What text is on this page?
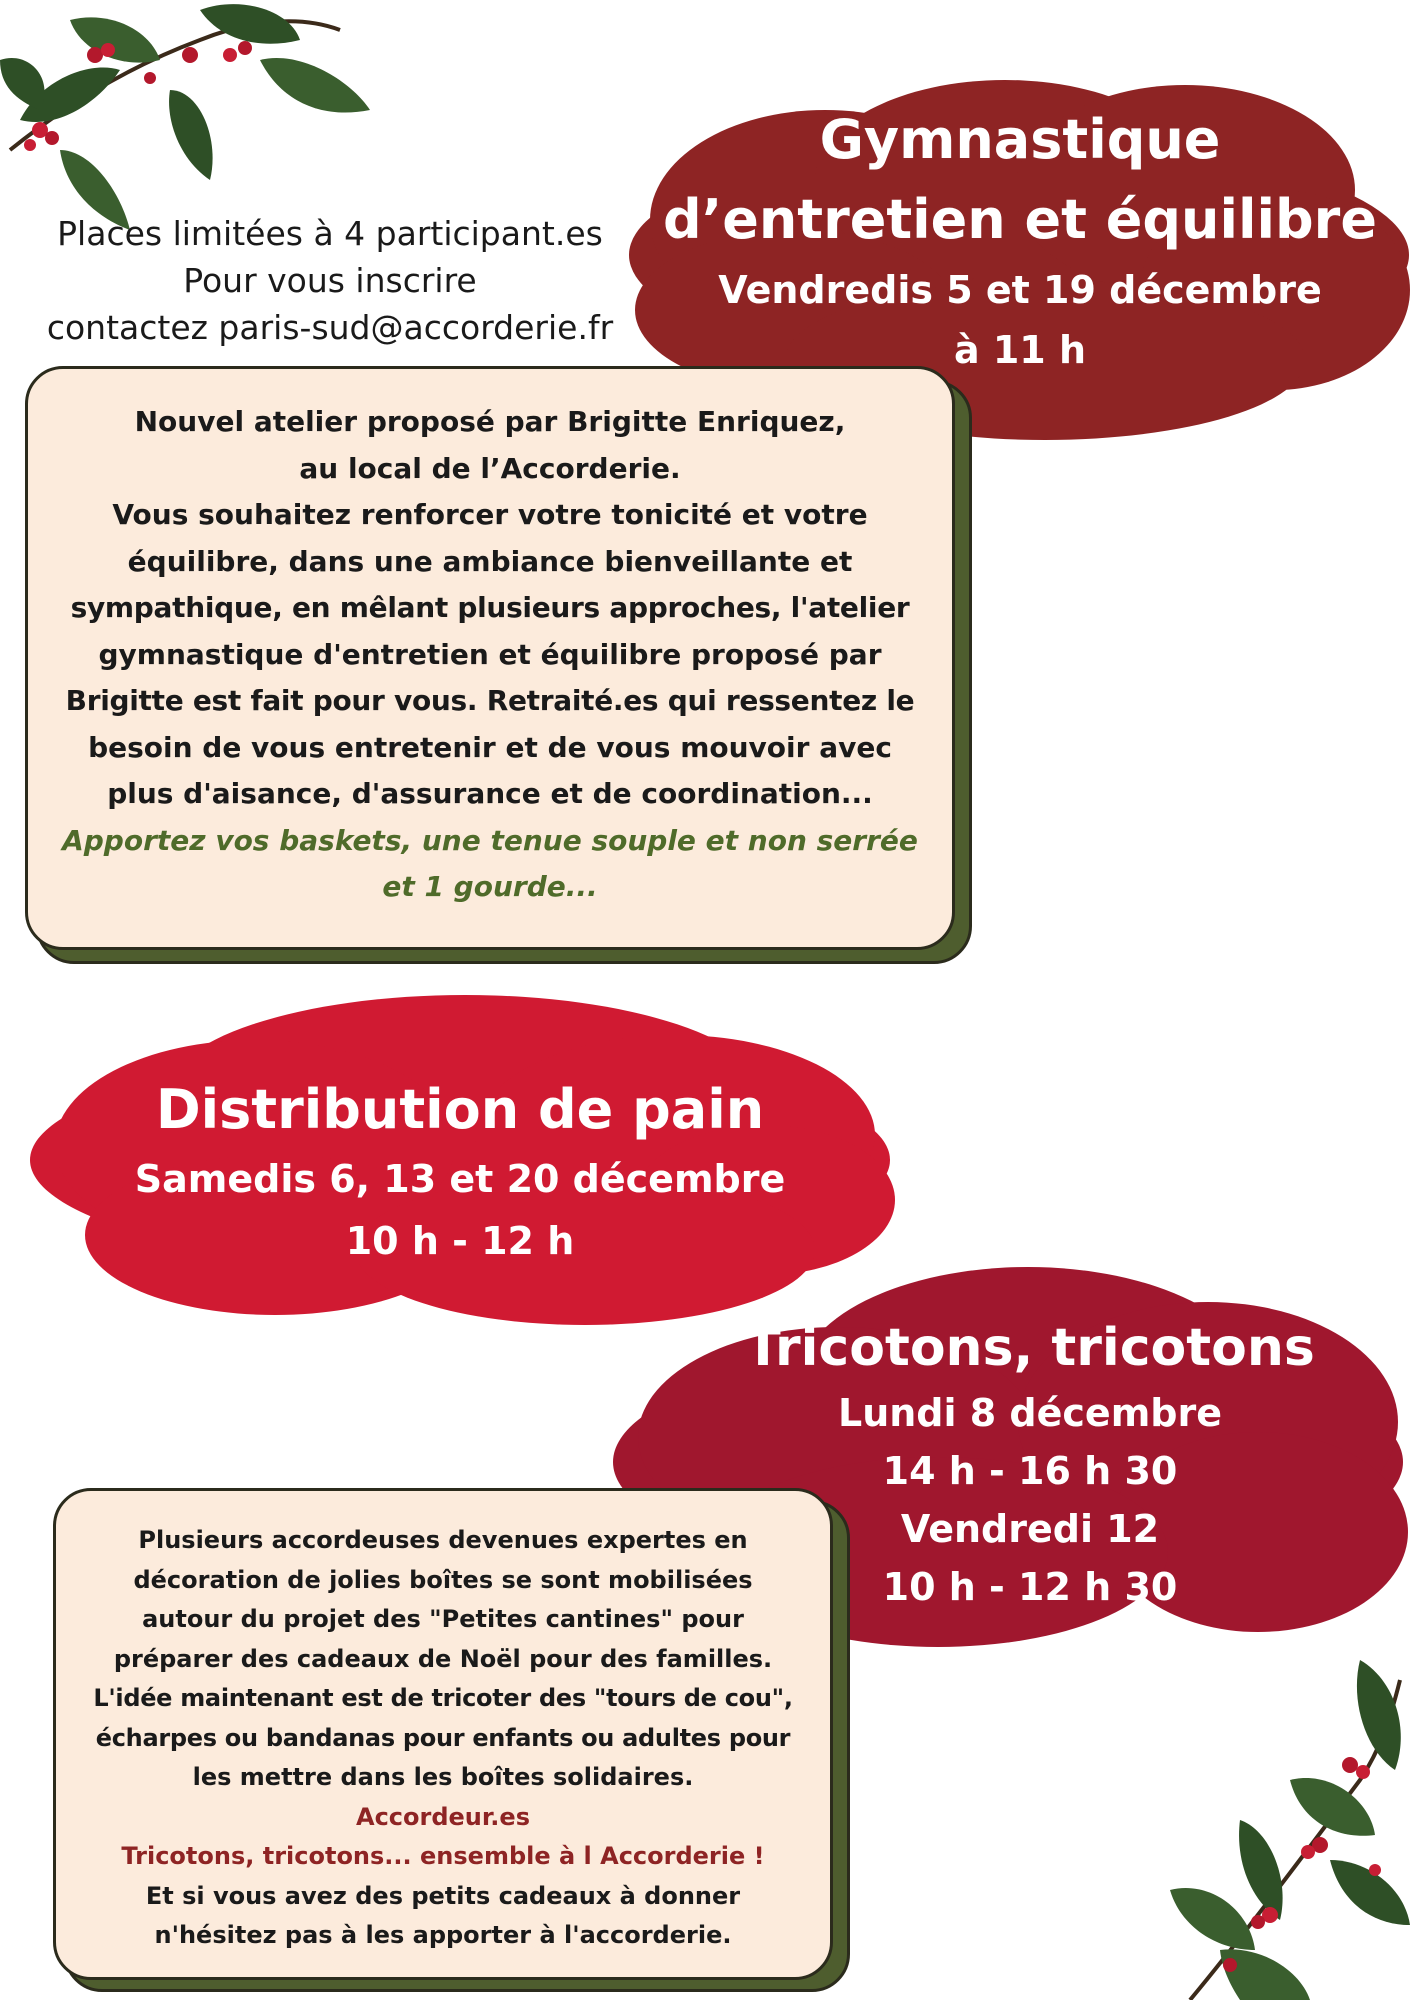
Places limitées à 4 participant.es
Pour vous inscrire
contactez paris-sud@accorderie.fr
Gymnastique
d’entretien et équilibre
Vendredis 5 et 19 décembre
à 11 h

Nouvel atelier proposé par Brigitte Enriquez,

au local de l’Accorderie.

Vous souhaitez renforcer votre tonicité et votre

équilibre, dans une ambiance bienveillante et

sympathique, en mêlant plusieurs approches, l'atelier

gymnastique d'entretien et équilibre proposé par

Brigitte est fait pour vous. Retraité.es qui ressentez le

besoin de vous entretenir et de vous mouvoir avec

plus d'aisance, d'assurance et de coordination...

Apportez vos baskets, une tenue souple et non serrée

et 1 gourde...

Distribution de pain
Samedis 6, 13 et 20 décembre
10 h - 12 h
Tricotons, tricotons
Lundi 8 décembre
14 h - 16 h 30
Vendredi 12
10 h - 12 h 30

Plusieurs accordeuses devenues expertes en

décoration de jolies boîtes se sont mobilisées

autour du projet des "Petites cantines" pour

préparer des cadeaux de Noël pour des familles.

L'idée maintenant est de tricoter des "tours de cou",

écharpes ou bandanas pour enfants ou adultes pour

les mettre dans les boîtes solidaires.

Accordeur.es

Tricotons, tricotons... ensemble à l Accorderie !

Et si vous avez des petits cadeaux à donner

n'hésitez pas à les apporter à l'accorderie.
